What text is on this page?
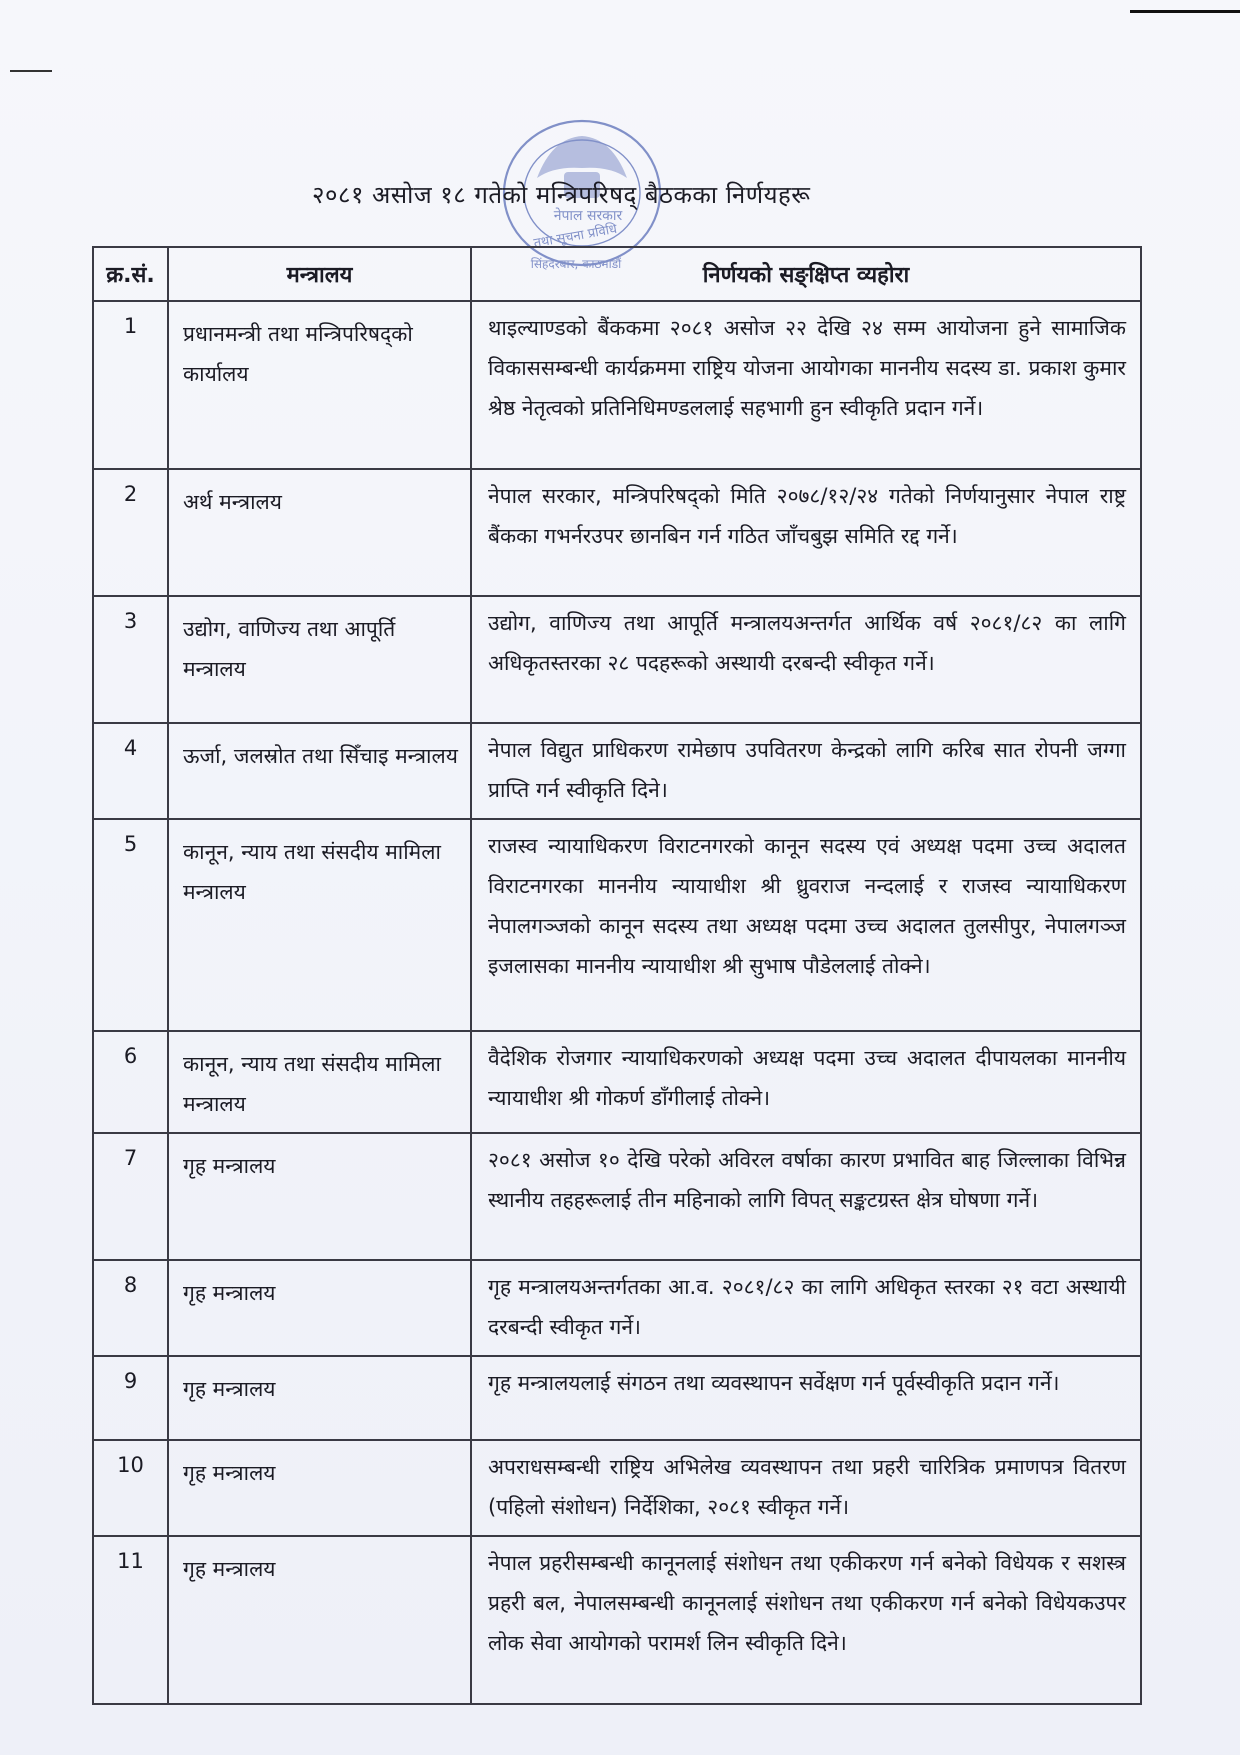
नेपाल सरकार
तथा सूचना प्रविधि
सिंहदरबार, काठमाडौं
२०८१ असोज १८ गतेको मन्त्रिपरिषद् बैठकका निर्णयहरू
क्र.सं.	मन्त्रालय	निर्णयको सङ्क्षिप्त व्यहोरा
1	प्रधानमन्त्री तथा मन्त्रिपरिषद्को कार्यालय	थाइल्याण्डको बैंककमा २०८१ असोज २२ देखि २४ सम्म आयोजना हुने सामाजिक विकाससम्बन्धी कार्यक्रममा राष्ट्रिय योजना आयोगका माननीय सदस्य डा. प्रकाश कुमार श्रेष्ठ नेतृत्वको प्रतिनिधिमण्डललाई सहभागी हुन स्वीकृति प्रदान गर्ने।
2	अर्थ मन्त्रालय	नेपाल सरकार, मन्त्रिपरिषद्को मिति २०७८/१२/२४ गतेको निर्णयानुसार नेपाल राष्ट्र बैंकका गभर्नरउपर छानबिन गर्न गठित जाँचबुझ समिति रद्द गर्ने।
3	उद्योग, वाणिज्य तथा आपूर्ति मन्त्रालय	उद्योग, वाणिज्य तथा आपूर्ति मन्त्रालयअन्तर्गत आर्थिक वर्ष २०८१/८२ का लागि अधिकृतस्तरका २८ पदहरूको अस्थायी दरबन्दी स्वीकृत गर्ने।
4	ऊर्जा, जलस्रोत तथा सिँचाइ मन्त्रालय	नेपाल विद्युत प्राधिकरण रामेछाप उपवितरण केन्द्रको लागि करिब सात रोपनी जग्गा प्राप्ति गर्न स्वीकृति दिने।
5	कानून, न्याय तथा संसदीय मामिला मन्त्रालय	राजस्व न्यायाधिकरण विराटनगरको कानून सदस्य एवं अध्यक्ष पदमा उच्च अदालत विराटनगरका माननीय न्यायाधीश श्री ध्रुवराज नन्दलाई र राजस्व न्यायाधिकरण नेपालगञ्जको कानून सदस्य तथा अध्यक्ष पदमा उच्च अदालत तुलसीपुर, नेपालगञ्ज इजलासका माननीय न्यायाधीश श्री सुभाष पौडेललाई तोक्ने।
6	कानून, न्याय तथा संसदीय मामिला मन्त्रालय	वैदेशिक रोजगार न्यायाधिकरणको अध्यक्ष पदमा उच्च अदालत दीपायलका माननीय न्यायाधीश श्री गोकर्ण डाँगीलाई तोक्ने।
7	गृह मन्त्रालय	२०८१ असोज १० देखि परेको अविरल वर्षाका कारण प्रभावित बाह जिल्लाका विभिन्न स्थानीय तहहरूलाई तीन महिनाको लागि विपत् सङ्कटग्रस्त क्षेत्र घोषणा गर्ने।
8	गृह मन्त्रालय	गृह मन्त्रालयअन्तर्गतका आ.व. २०८१/८२ का लागि अधिकृत स्तरका २१ वटा अस्थायी दरबन्दी स्वीकृत गर्ने।
9	गृह मन्त्रालय	गृह मन्त्रालयलाई संगठन तथा व्यवस्थापन सर्वेक्षण गर्न पूर्वस्वीकृति प्रदान गर्ने।
10	गृह मन्त्रालय	अपराधसम्बन्धी राष्ट्रिय अभिलेख व्यवस्थापन तथा प्रहरी चारित्रिक प्रमाणपत्र वितरण (पहिलो संशोधन) निर्देशिका, २०८१ स्वीकृत गर्ने।
11	गृह मन्त्रालय	नेपाल प्रहरीसम्बन्धी कानूनलाई संशोधन तथा एकीकरण गर्न बनेको विधेयक र सशस्त्र प्रहरी बल, नेपालसम्बन्धी कानूनलाई संशोधन तथा एकीकरण गर्न बनेको विधेयकउपर लोक सेवा आयोगको परामर्श लिन स्वीकृति दिने।
